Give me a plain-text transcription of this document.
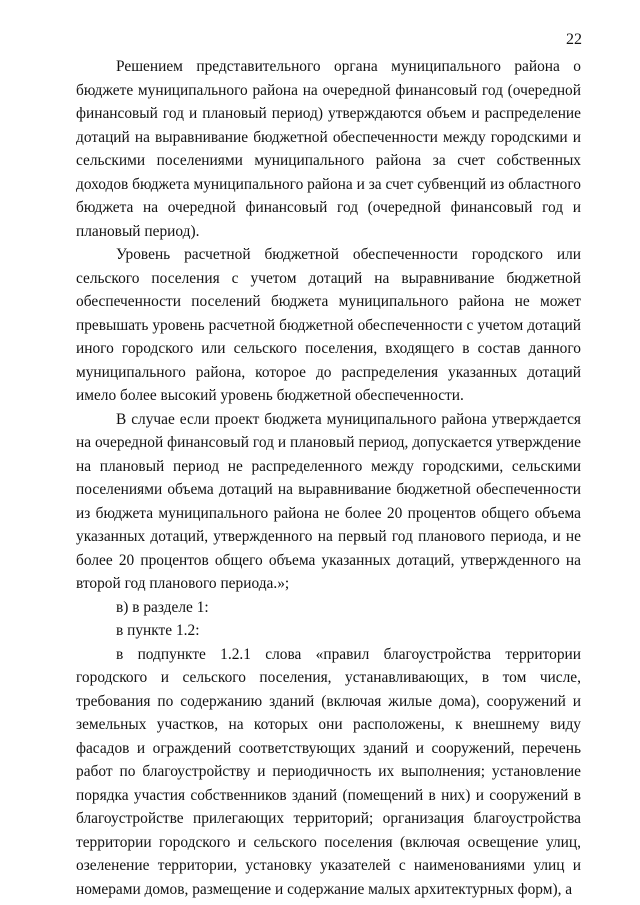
22

Решением представительного органа муниципального района о бюджете муниципального района на очередной финансовый год (очередной финансовый год и плановый период) утверждаются объем и распределение дотаций на выравнивание бюджетной обеспеченности между городскими и сельскими поселениями муниципального района за счет собственных доходов бюджета муниципального района и за счет субвенций из областного бюджета на очередной финансовый год (очередной финансовый год и плановый период).

Уровень расчетной бюджетной обеспеченности городского или сельского поселения с учетом дотаций на выравнивание бюджетной обеспеченности поселений бюджета муниципального района не может превышать уровень расчетной бюджетной обеспеченности с учетом дотаций иного городского или сельского поселения, входящего в состав данного муниципального района, которое до распределения указанных дотаций имело более высокий уровень бюджетной обеспеченности.

В случае если проект бюджета муниципального района утверждается на очередной финансовый год и плановый период, допускается утверждение на плановый период не распределенного между городскими, сельскими поселениями объема дотаций на выравнивание бюджетной обеспеченности из бюджета муниципального района не более 20 процентов общего объема указанных дотаций, утвержденного на первый год планового периода, и не более 20 процентов общего объема указанных дотаций, утвержденного на второй год планового периода.»;

в) в разделе 1:

в пункте 1.2:

в подпункте 1.2.1 слова «правил благоустройства территории городского и сельского поселения, устанавливающих, в том числе, требования по содержанию зданий (включая жилые дома), сооружений и земельных участков, на которых они расположены, к внешнему виду фасадов и ограждений соответствующих зданий и сооружений, перечень работ по благоустройству и периодичность их выполнения; установление порядка участия собственников зданий (помещений в них) и сооружений в благоустройстве прилегающих территорий; организация благоустройства территории городского и сельского поселения (включая освещение улиц, озеленение территории, установку указателей с наименованиями улиц и номерами домов, размещение и содержание малых архитектурных форм), а
